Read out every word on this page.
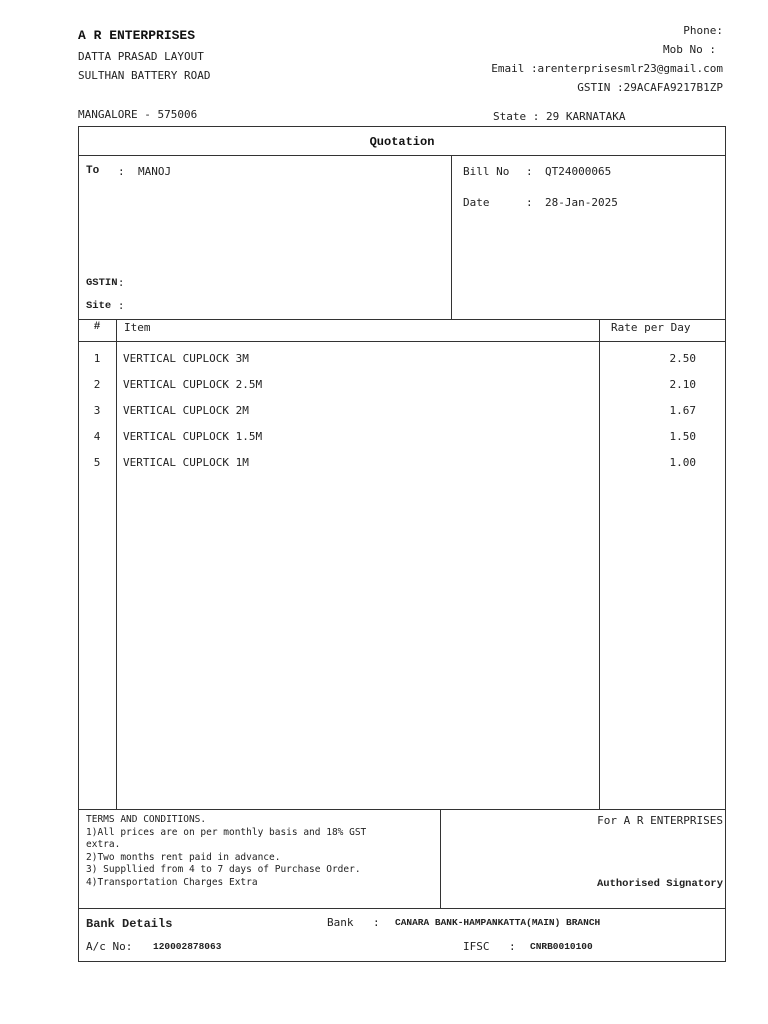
A R ENTERPRISES
DATTA PRASAD LAYOUT
SULTHAN BATTERY ROAD
MANGALORE - 575006
Phone:
Mob No :
Email :arenterprisesmlr23@gmail.com
GSTIN :29ACAFA9217B1ZP
State : 29 KARNATAKA
Quotation
To : MANOJ
GSTIN :
Site :
Bill No : QT24000065
Date	: 28-Jan-2025
#	Item	Rate per Day
1	VERTICAL CUPLOCK 3M	2.50
2	VERTICAL CUPLOCK 2.5M	2.10
3	VERTICAL CUPLOCK 2M	1.67
4	VERTICAL CUPLOCK 1.5M	1.50
5	VERTICAL CUPLOCK 1M	1.00
TERMS AND CONDITIONS.
1)All prices are on per monthly basis and 18% GST
extra.
2)Two months rent paid in advance.
3) Suppllied from 4 to 7 days of Purchase Order.
4)Transportation Charges Extra
For A R ENTERPRISES
Authorised Signatory
Bank Details	Bank : CANARA BANK-HAMPANKATTA(MAIN) BRANCH
A/c No: 120002878063	IFSC : CNRB0010100
